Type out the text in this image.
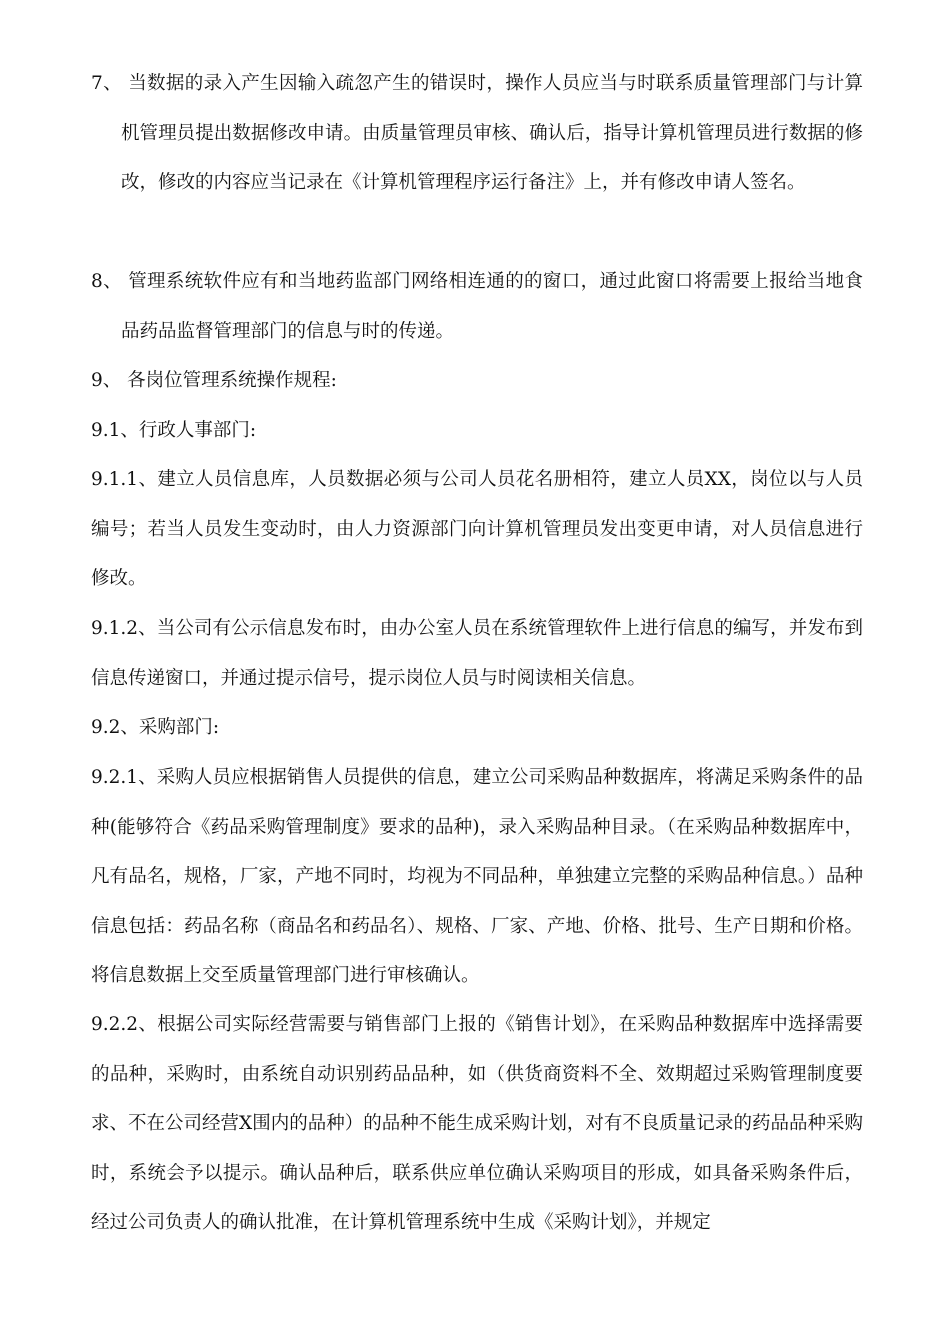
7、 当数据的录入产生因输入疏忽产生的错误时，操作人员应当与时联系质量管理部门与计算机管理员提出数据修改申请。由质量管理员审核、确认后，指导计算机管理员进行数据的修改，修改的内容应当记录在《计算机管理程序运行备注》上，并有修改申请人签名。

8、 管理系统软件应有和当地药监部门网络相连通的的窗口，通过此窗口将需要上报给当地食品药品监督管理部门的信息与时的传递。

9、 各岗位管理系统操作规程:

9.1、行政人事部门:

9.1.1、建立人员信息库，人员数据必须与公司人员花名册相符，建立人员XX，岗位以与人员编号；若当人员发生变动时，由人力资源部门向计算机管理员发出变更申请，对人员信息进行修改。

9.1.2、当公司有公示信息发布时，由办公室人员在系统管理软件上进行信息的编写，并发布到信息传递窗口，并通过提示信号，提示岗位人员与时阅读相关信息。

9.2、采购部门:

9.2.1、采购人员应根据销售人员提供的信息，建立公司采购品种数据库，将满足采购条件的品种(能够符合《药品采购管理制度》要求的品种)，录入采购品种目录。（在采购品种数据库中，凡有品名，规格，厂家，产地不同时，均视为不同品种，单独建立完整的采购品种信息。）品种信息包括：药品名称（商品名和药品名）、规格、厂家、产地、价格、批号、生产日期和价格。将信息数据上交至质量管理部门进行审核确认。

9.2.2、根据公司实际经营需要与销售部门上报的《销售计划》，在采购品种数据库中选择需要的品种，采购时，由系统自动识别药品品种，如（供货商资料不全、效期超过采购管理制度要求、不在公司经营X围内的品种）的品种不能生成采购计划，对有不良质量记录的药品品种采购时，系统会予以提示。确认品种后，联系供应单位确认采购项目的形成，如具备采购条件后，经过公司负责人的确认批准，在计算机管理系统中生成《采购计划》，并规定
